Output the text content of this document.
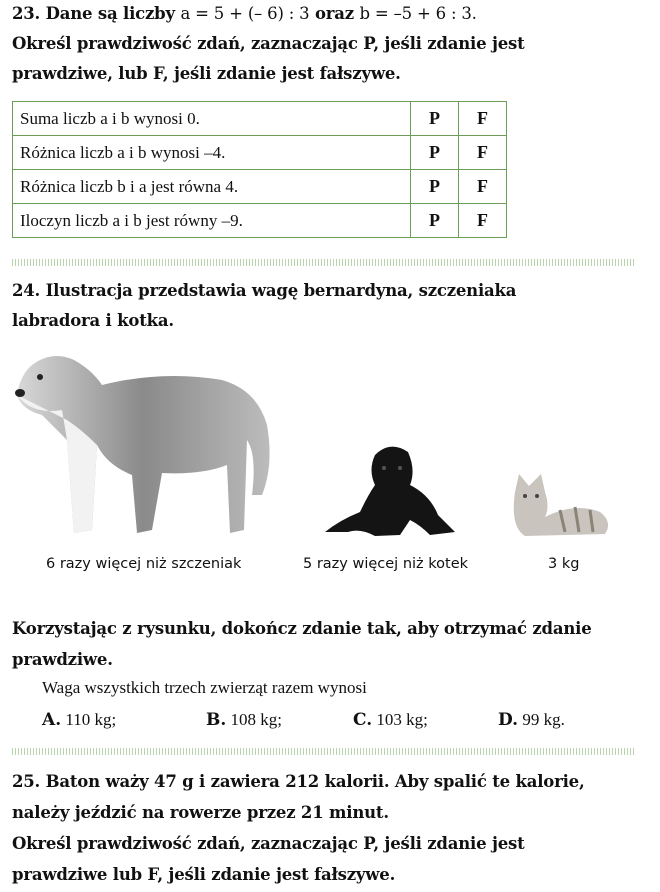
23. Dane są liczby a = 5 + (– 6) : 3 oraz b = –5 + 6 : 3.
Określ prawdziwość zdań, zaznaczając P, jeśli zdanie jest
prawdziwe, lub F, jeśli zdanie jest fałszywe.
Suma liczb a i b wynosi 0.	P	F
Różnica liczb a i b wynosi –4.	P	F
Różnica liczb b i a jest równa 4.	P	F
Iloczyn liczb a i b jest równy –9.	P	F
24. Ilustracja przedstawia wagę bernardyna, szczeniaka
labradora i kotka.
6 razy więcej niż szczeniak	5 razy więcej niż kotek	3 kg
Korzystając z rysunku, dokończ zdanie tak, aby otrzymać zdanie
prawdziwe.
Waga wszystkich trzech zwierząt razem wynosi
A. 110 kg;	B. 108 kg;	C. 103 kg;	D. 99 kg.
25. Baton waży 47 g i zawiera 212 kalorii. Aby spalić te kalorie,
należy jeździć na rowerze przez 21 minut.
Określ prawdziwość zdań, zaznaczając P, jeśli zdanie jest
prawdziwe lub F, jeśli zdanie jest fałszywe.
